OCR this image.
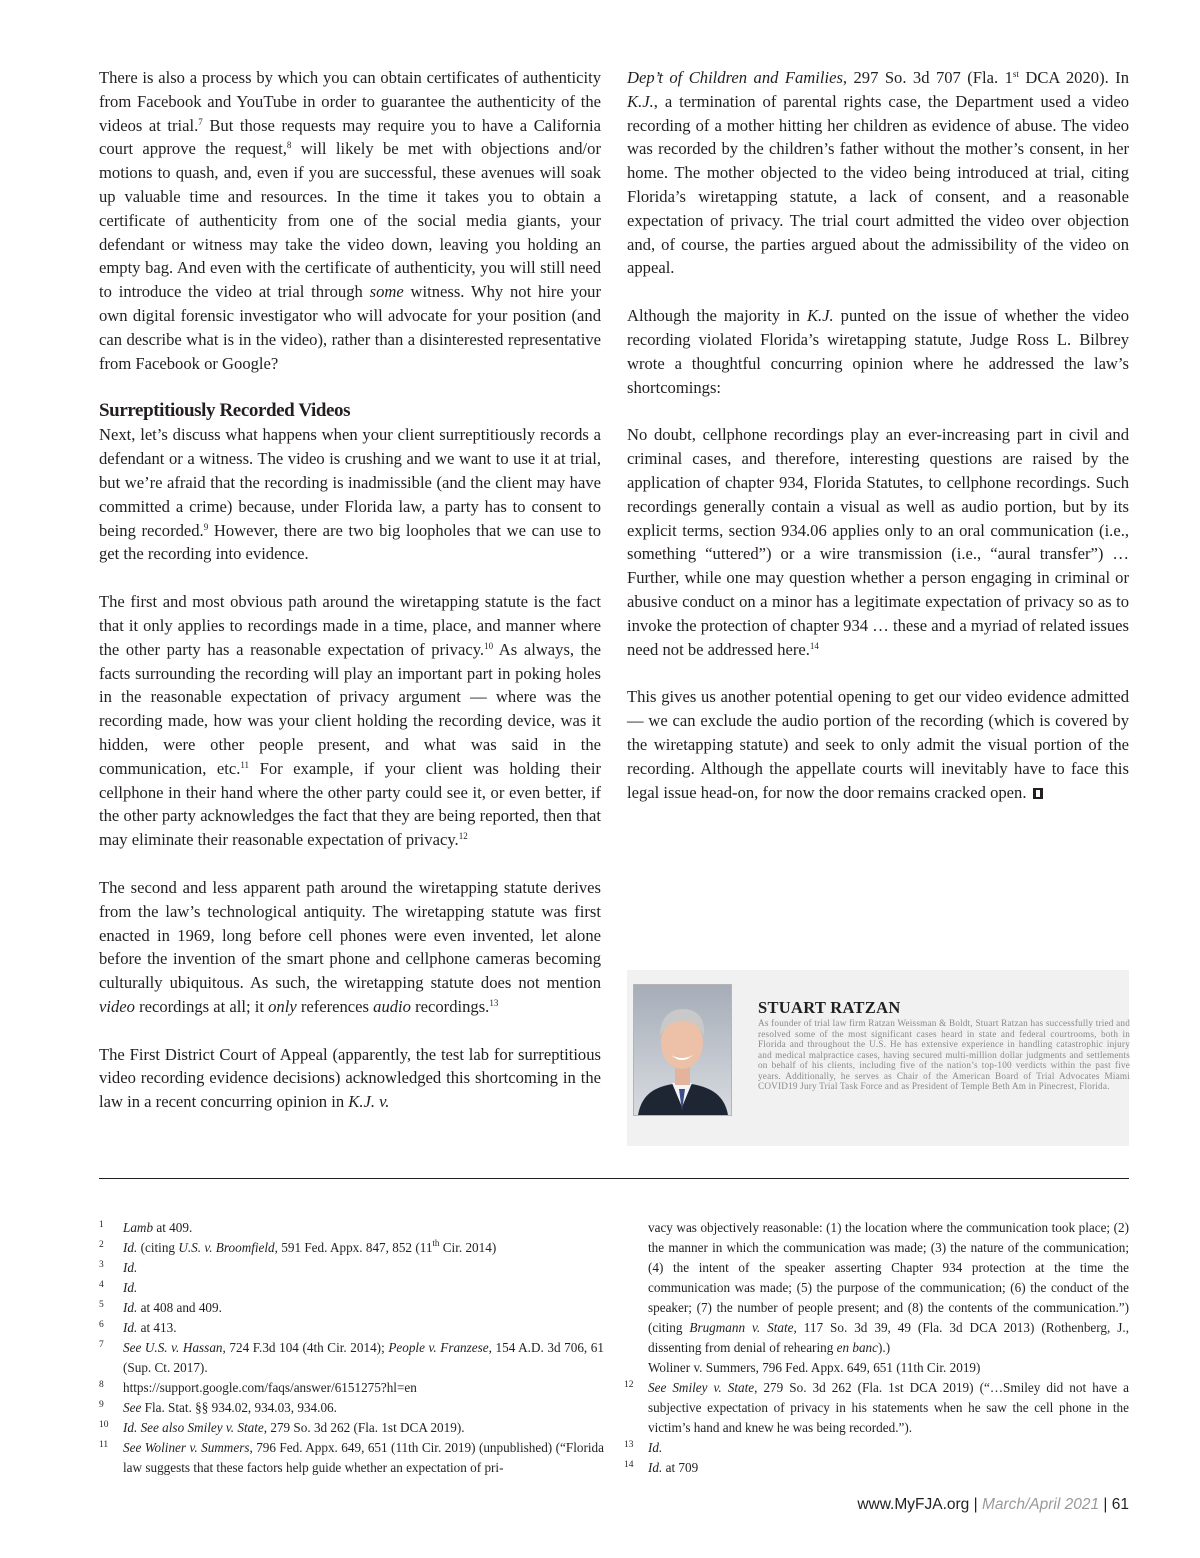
There is also a process by which you can obtain certificates of authenticity from Facebook and YouTube in order to guarantee the authenticity of the videos at trial.$^7$ But those requests may require you to have a California court approve the request,$^8$ will likely be met with objections and/or motions to quash, and, even if you are successful, these avenues will soak up valuable time and resources. In the time it takes you to obtain a certificate of authenticity from one of the social media giants, your defendant or witness may take the video down, leaving you holding an empty bag. And even with the certificate of authenticity, you will still need to introduce the video at trial through some witness. Why not hire your own digital forensic investigator who will advocate for your position (and can describe what is in the video), rather than a disinterested representative from Facebook or Google?

Surreptitiously Recorded Videos

Next, let’s discuss what happens when your client surreptitiously records a defendant or a witness. The video is crushing and we want to use it at trial, but we’re afraid that the recording is inadmissible (and the client may have committed a crime) because, under Florida law, a party has to consent to being recorded.$^9$ However, there are two big loopholes that we can use to get the recording into evidence.

The first and most obvious path around the wiretapping statute is the fact that it only applies to recordings made in a time, place, and manner where the other party has a reasonable expectation of privacy.$^{10}$ As always, the facts surrounding the recording will play an important part in poking holes in the reasonable expectation of privacy argument — where was the recording made, how was your client holding the recording device, was it hidden, were other people present, and what was said in the communication, etc.$^{11}$ For example, if your client was holding their cellphone in their hand where the other party could see it, or even better, if the other party acknowledges the fact that they are being reported, then that may eliminate their reasonable expectation of privacy.$^{12}$

The second and less apparent path around the wiretapping statute derives from the law’s technological antiquity. The wiretapping statute was first enacted in 1969, long before cell phones were even invented, let alone before the invention of the smart phone and cellphone cameras becoming culturally ubiquitous. As such, the wiretapping statute does not mention video recordings at all; it only references audio recordings.$^{13}$

The First District Court of Appeal (apparently, the test lab for surreptitious video recording evidence decisions) acknowledged this shortcoming in the law in a recent concurring opinion in K.J. v.

Dep’t of Children and Families, 297 So. 3d 707 (Fla. 1st DCA 2020). In K.J., a termination of parental rights case, the Department used a video recording of a mother hitting her children as evidence of abuse. The video was recorded by the children’s father without the mother’s consent, in her home. The mother objected to the video being introduced at trial, citing Florida’s wiretapping statute, a lack of consent, and a reasonable expectation of privacy. The trial court admitted the video over objection and, of course, the parties argued about the admissibility of the video on appeal.

Although the majority in K.J. punted on the issue of whether the video recording violated Florida’s wiretapping statute, Judge Ross L. Bilbrey wrote a thoughtful concurring opinion where he addressed the law’s shortcomings:

No doubt, cellphone recordings play an ever-increasing part in civil and criminal cases, and therefore, interesting questions are raised by the application of chapter 934, Florida Statutes, to cellphone recordings. Such recordings generally contain a visual as well as audio portion, but by its explicit terms, section 934.06 applies only to an oral communication (i.e., something “uttered”) or a wire transmission (i.e., “aural transfer”) … Further, while one may question whether a person engaging in criminal or abusive conduct on a minor has a legitimate expectation of privacy so as to invoke the protection of chapter 934 … these and a myriad of related issues need not be addressed here.$^{14}$

This gives us another potential opening to get our video evidence admitted — we can exclude the audio portion of the recording (which is covered by the wiretapping statute) and seek to only admit the visual portion of the recording. Although the appellate courts will inevitably have to face this legal issue head-on, for now the door remains cracked open.

STUART RATZAN
As founder of trial law firm Ratzan Weissman & Boldt, Stuart Ratzan has successfully tried and resolved some of the most significant cases heard in state and federal courtrooms, both in Florida and throughout the U.S. He has extensive experience in handling catastrophic injury and medical malpractice cases, having secured multi-million dollar judgments and settlements on behalf of his clients, including five of the nation’s top-100 verdicts within the past five years. Additionally, he serves as Chair of the American Board of Trial Advocates Miami COVID19 Jury Trial Task Force and as President of Temple Beth Am in Pinecrest, Florida.
1 Lamb at 409.
2 Id. (citing U.S. v. Broomfield, 591 Fed. Appx. 847, 852 (11th Cir. 2014)
3 Id.
4 Id.
5 Id. at 408 and 409.
6 Id. at 413.
7 See U.S. v. Hassan, 724 F.3d 104 (4th Cir. 2014); People v. Franzese, 154 A.D. 3d 706, 61 (Sup. Ct. 2017).
8 https://support.google.com/faqs/answer/6151275?hl=en
9 See Fla. Stat. §§ 934.02, 934.03, 934.06.
10 Id. See also Smiley v. State, 279 So. 3d 262 (Fla. 1st DCA 2019).
11 See Woliner v. Summers, 796 Fed. Appx. 649, 651 (11th Cir. 2019) (unpublished) (“Florida law suggests that these factors help guide whether an expectation of pri-
vacy was objectively reasonable: (1) the location where the communication took place; (2) the manner in which the communication was made; (3) the nature of the communication; (4) the intent of the speaker asserting Chapter 934 protection at the time the communication was made; (5) the purpose of the communication; (6) the conduct of the speaker; (7) the number of people present; and (8) the contents of the communication.”) (citing Brugmann v. State, 117 So. 3d 39, 49 (Fla. 3d DCA 2013) (Rothenberg, J., dissenting from denial of rehearing en banc).)
Woliner v. Summers, 796 Fed. Appx. 649, 651 (11th Cir. 2019)
12 See Smiley v. State, 279 So. 3d 262 (Fla. 1st DCA 2019) (“…Smiley did not have a subjective expectation of privacy in his statements when he saw the cell phone in the victim’s hand and knew he was being recorded.”).
13 Id.
14 Id. at 709
www.MyFJA.org | March/April 2021 | 61
